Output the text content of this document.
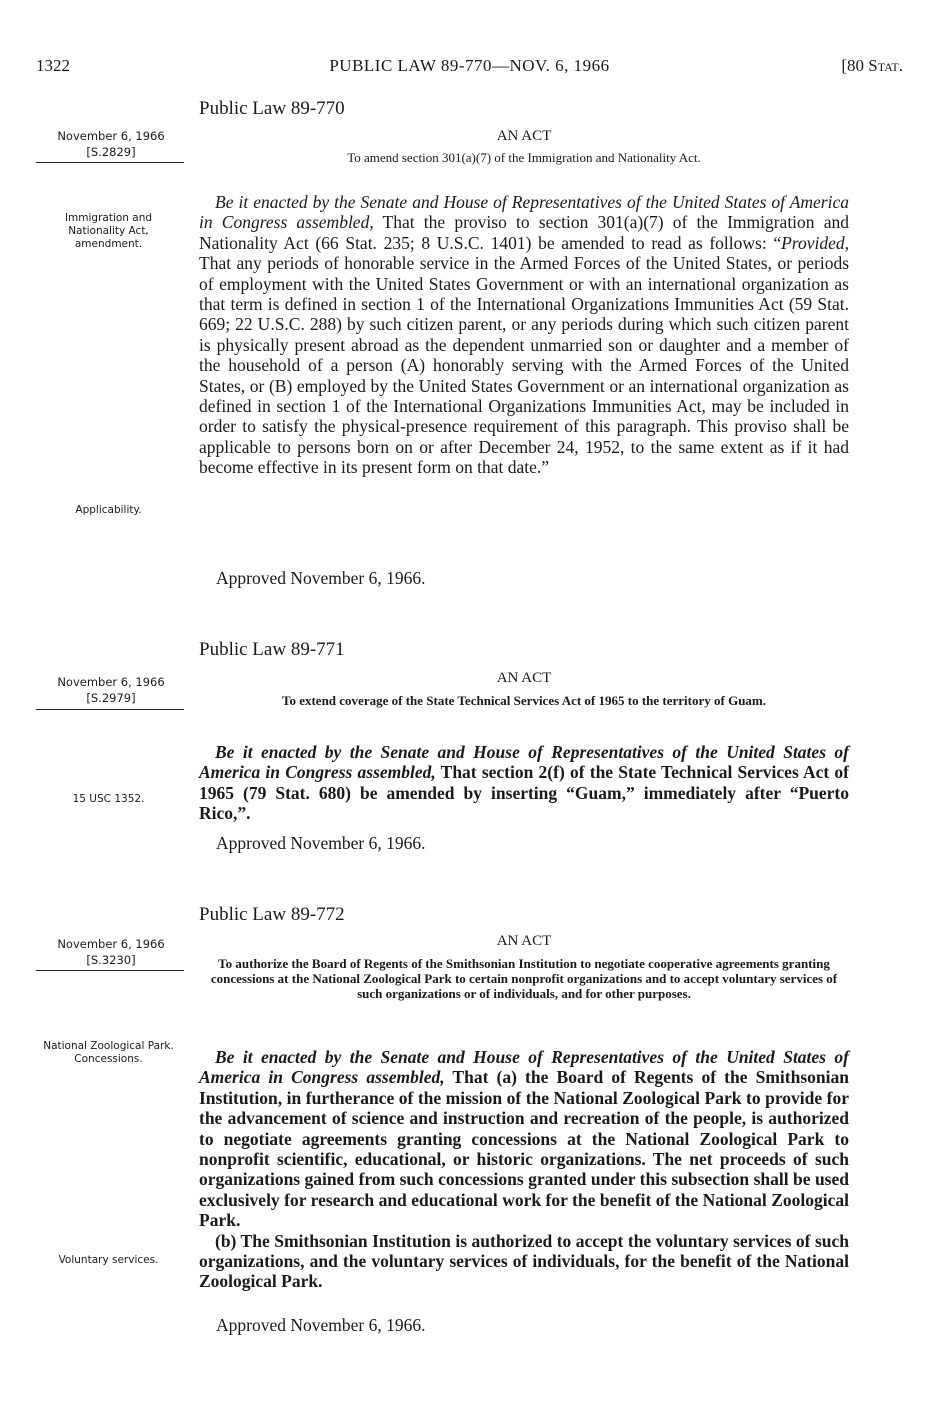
1322	PUBLIC LAW 89-770—NOV. 6, 1966	[80 Stat.
Public Law 89-770
November 6, 1966
[S.2829]
AN ACT
To amend section 301(a)(7) of the Immigration and Nationality Act.
Immigration and Nationality Act, amendment.
Applicability.

Be it enacted by the Senate and House of Representatives of the United States of America in Congress assembled, That the proviso to section 301(a)(7) of the Immigration and Nationality Act (66 Stat. 235; 8 U.S.C. 1401) be amended to read as follows: “Provided, That any periods of honorable service in the Armed Forces of the United States, or periods of employment with the United States Government or with an international organization as that term is defined in section 1 of the International Organizations Immunities Act (59 Stat. 669; 22 U.S.C. 288) by such citizen parent, or any periods during which such citizen parent is physically present abroad as the dependent unmarried son or daughter and a member of the household of a person (A) honorably serving with the Armed Forces of the United States, or (B) employed by the United States Government or an international organization as defined in section 1 of the International Organizations Immunities Act, may be included in order to satisfy the physical-presence requirement of this paragraph. This proviso shall be applicable to persons born on or after December 24, 1952, to the same extent as if it had become effective in its present form on that date.”

Approved November 6, 1966.
Public Law 89-771
November 6, 1966
[S.2979]
AN ACT
To extend coverage of the State Technical Services Act of 1965 to the territory of Guam.
15 USC 1352.

Be it enacted by the Senate and House of Representatives of the United States of America in Congress assembled, That section 2(f) of the State Technical Services Act of 1965 (79 Stat. 680) be amended by inserting “Guam,” immediately after “Puerto Rico,”.

Approved November 6, 1966.
Public Law 89-772
November 6, 1966
[S.3230]
AN ACT
To authorize the Board of Regents of the Smithsonian Institution to negotiate cooperative agreements granting concessions at the National Zoological Park to certain nonprofit organizations and to accept voluntary services of such organizations or of individuals, and for other purposes.
National Zoological Park. Concessions.
Voluntary services.

Be it enacted by the Senate and House of Representatives of the United States of America in Congress assembled, That (a) the Board of Regents of the Smithsonian Institution, in furtherance of the mission of the National Zoological Park to provide for the advancement of science and instruction and recreation of the people, is authorized to negotiate agreements granting concessions at the National Zoological Park to nonprofit scientific, educational, or historic organizations. The net proceeds of such organizations gained from such concessions granted under this subsection shall be used exclusively for research and educational work for the benefit of the National Zoological Park.

(b) The Smithsonian Institution is authorized to accept the voluntary services of such organizations, and the voluntary services of individuals, for the benefit of the National Zoological Park.

Approved November 6, 1966.
